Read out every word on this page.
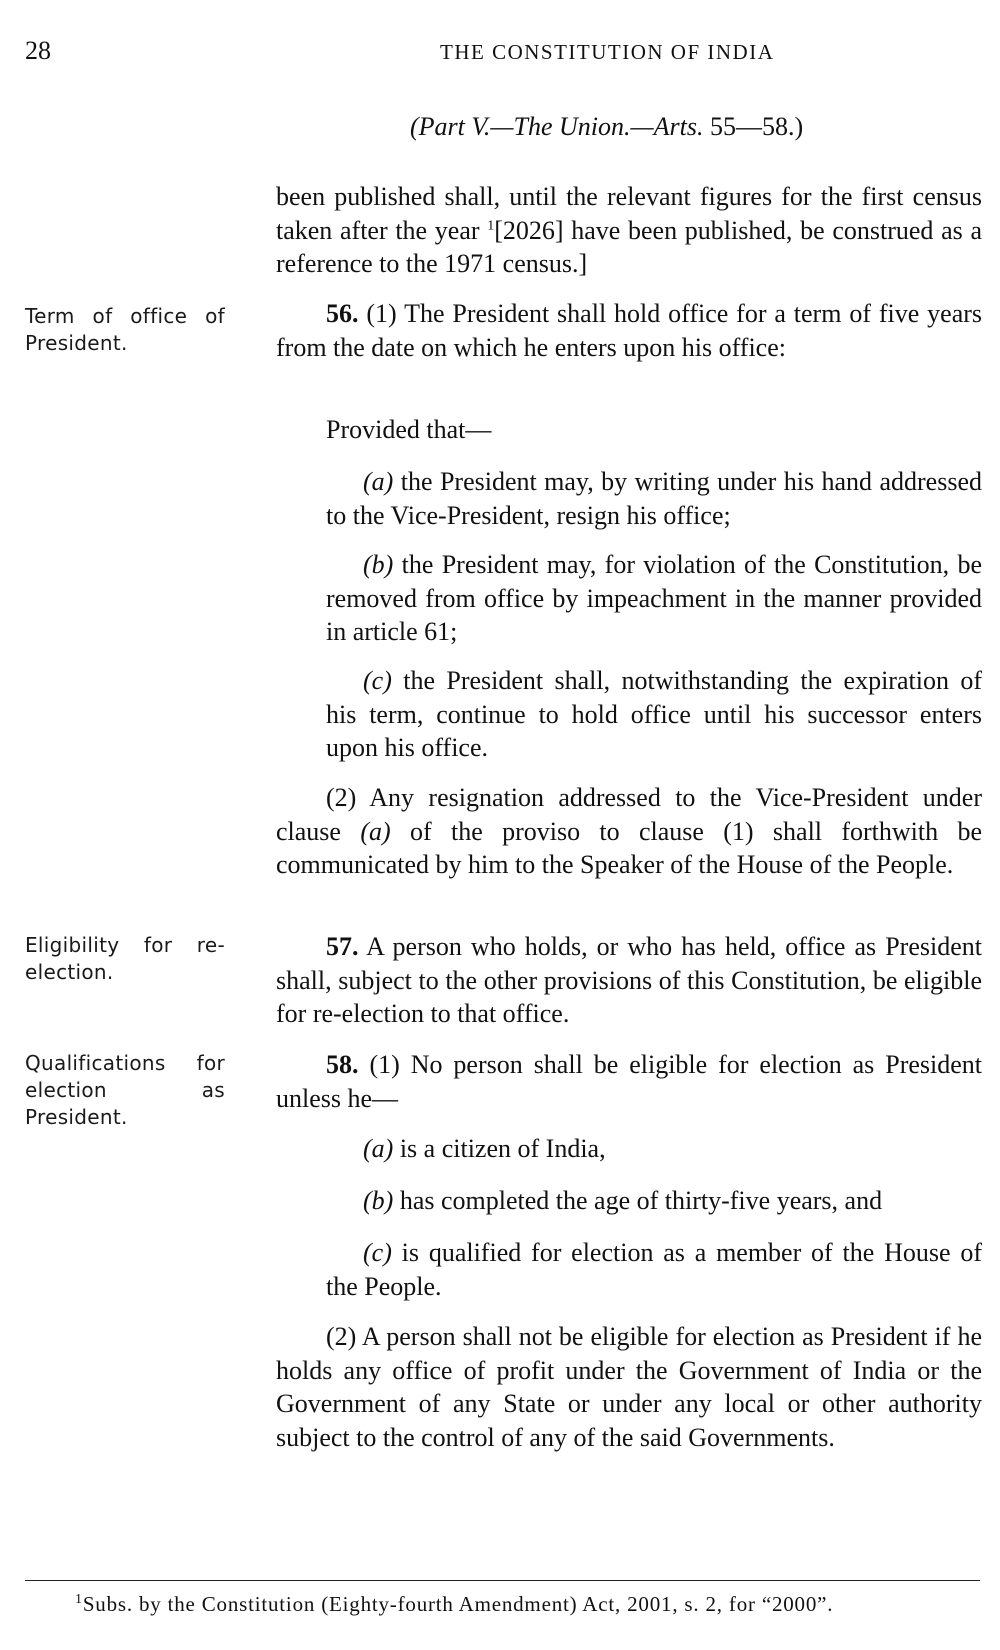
28	THE CONSTITUTION OF INDIA
(Part V.—The Union.—Arts. 55—58.)
been published shall, until the relevant figures for the first census taken after the year $^1$[2026] have been published, be construed as a reference to the 1971 census.]
Term of office of President.
56. (1) The President shall hold office for a term of five years from the date on which he enters upon his office:
Provided that—
(a) the President may, by writing under his hand addressed to the Vice-President, resign his office;
(b) the President may, for violation of the Constitution, be removed from office by impeachment in the manner provided in article 61;
(c) the President shall, notwithstanding the expiration of his term, continue to hold office until his successor enters upon his office.
(2) Any resignation addressed to the Vice-President under clause (a) of the proviso to clause (1) shall forthwith be communicated by him to the Speaker of the House of the People.
Eligibility for re-election.
57. A person who holds, or who has held, office as President shall, subject to the other provisions of this Constitution, be eligible for re-election to that office.
Qualifications for election as President.
58. (1) No person shall be eligible for election as President unless he—
(a) is a citizen of India,
(b) has completed the age of thirty-five years, and
(c) is qualified for election as a member of the House of the People.
(2) A person shall not be eligible for election as President if he holds any office of profit under the Government of India or the Government of any State or under any local or other authority subject to the control of any of the said Governments.
$^1$Subs. by the Constitution (Eighty-fourth Amendment) Act, 2001, s. 2, for “2000”.
